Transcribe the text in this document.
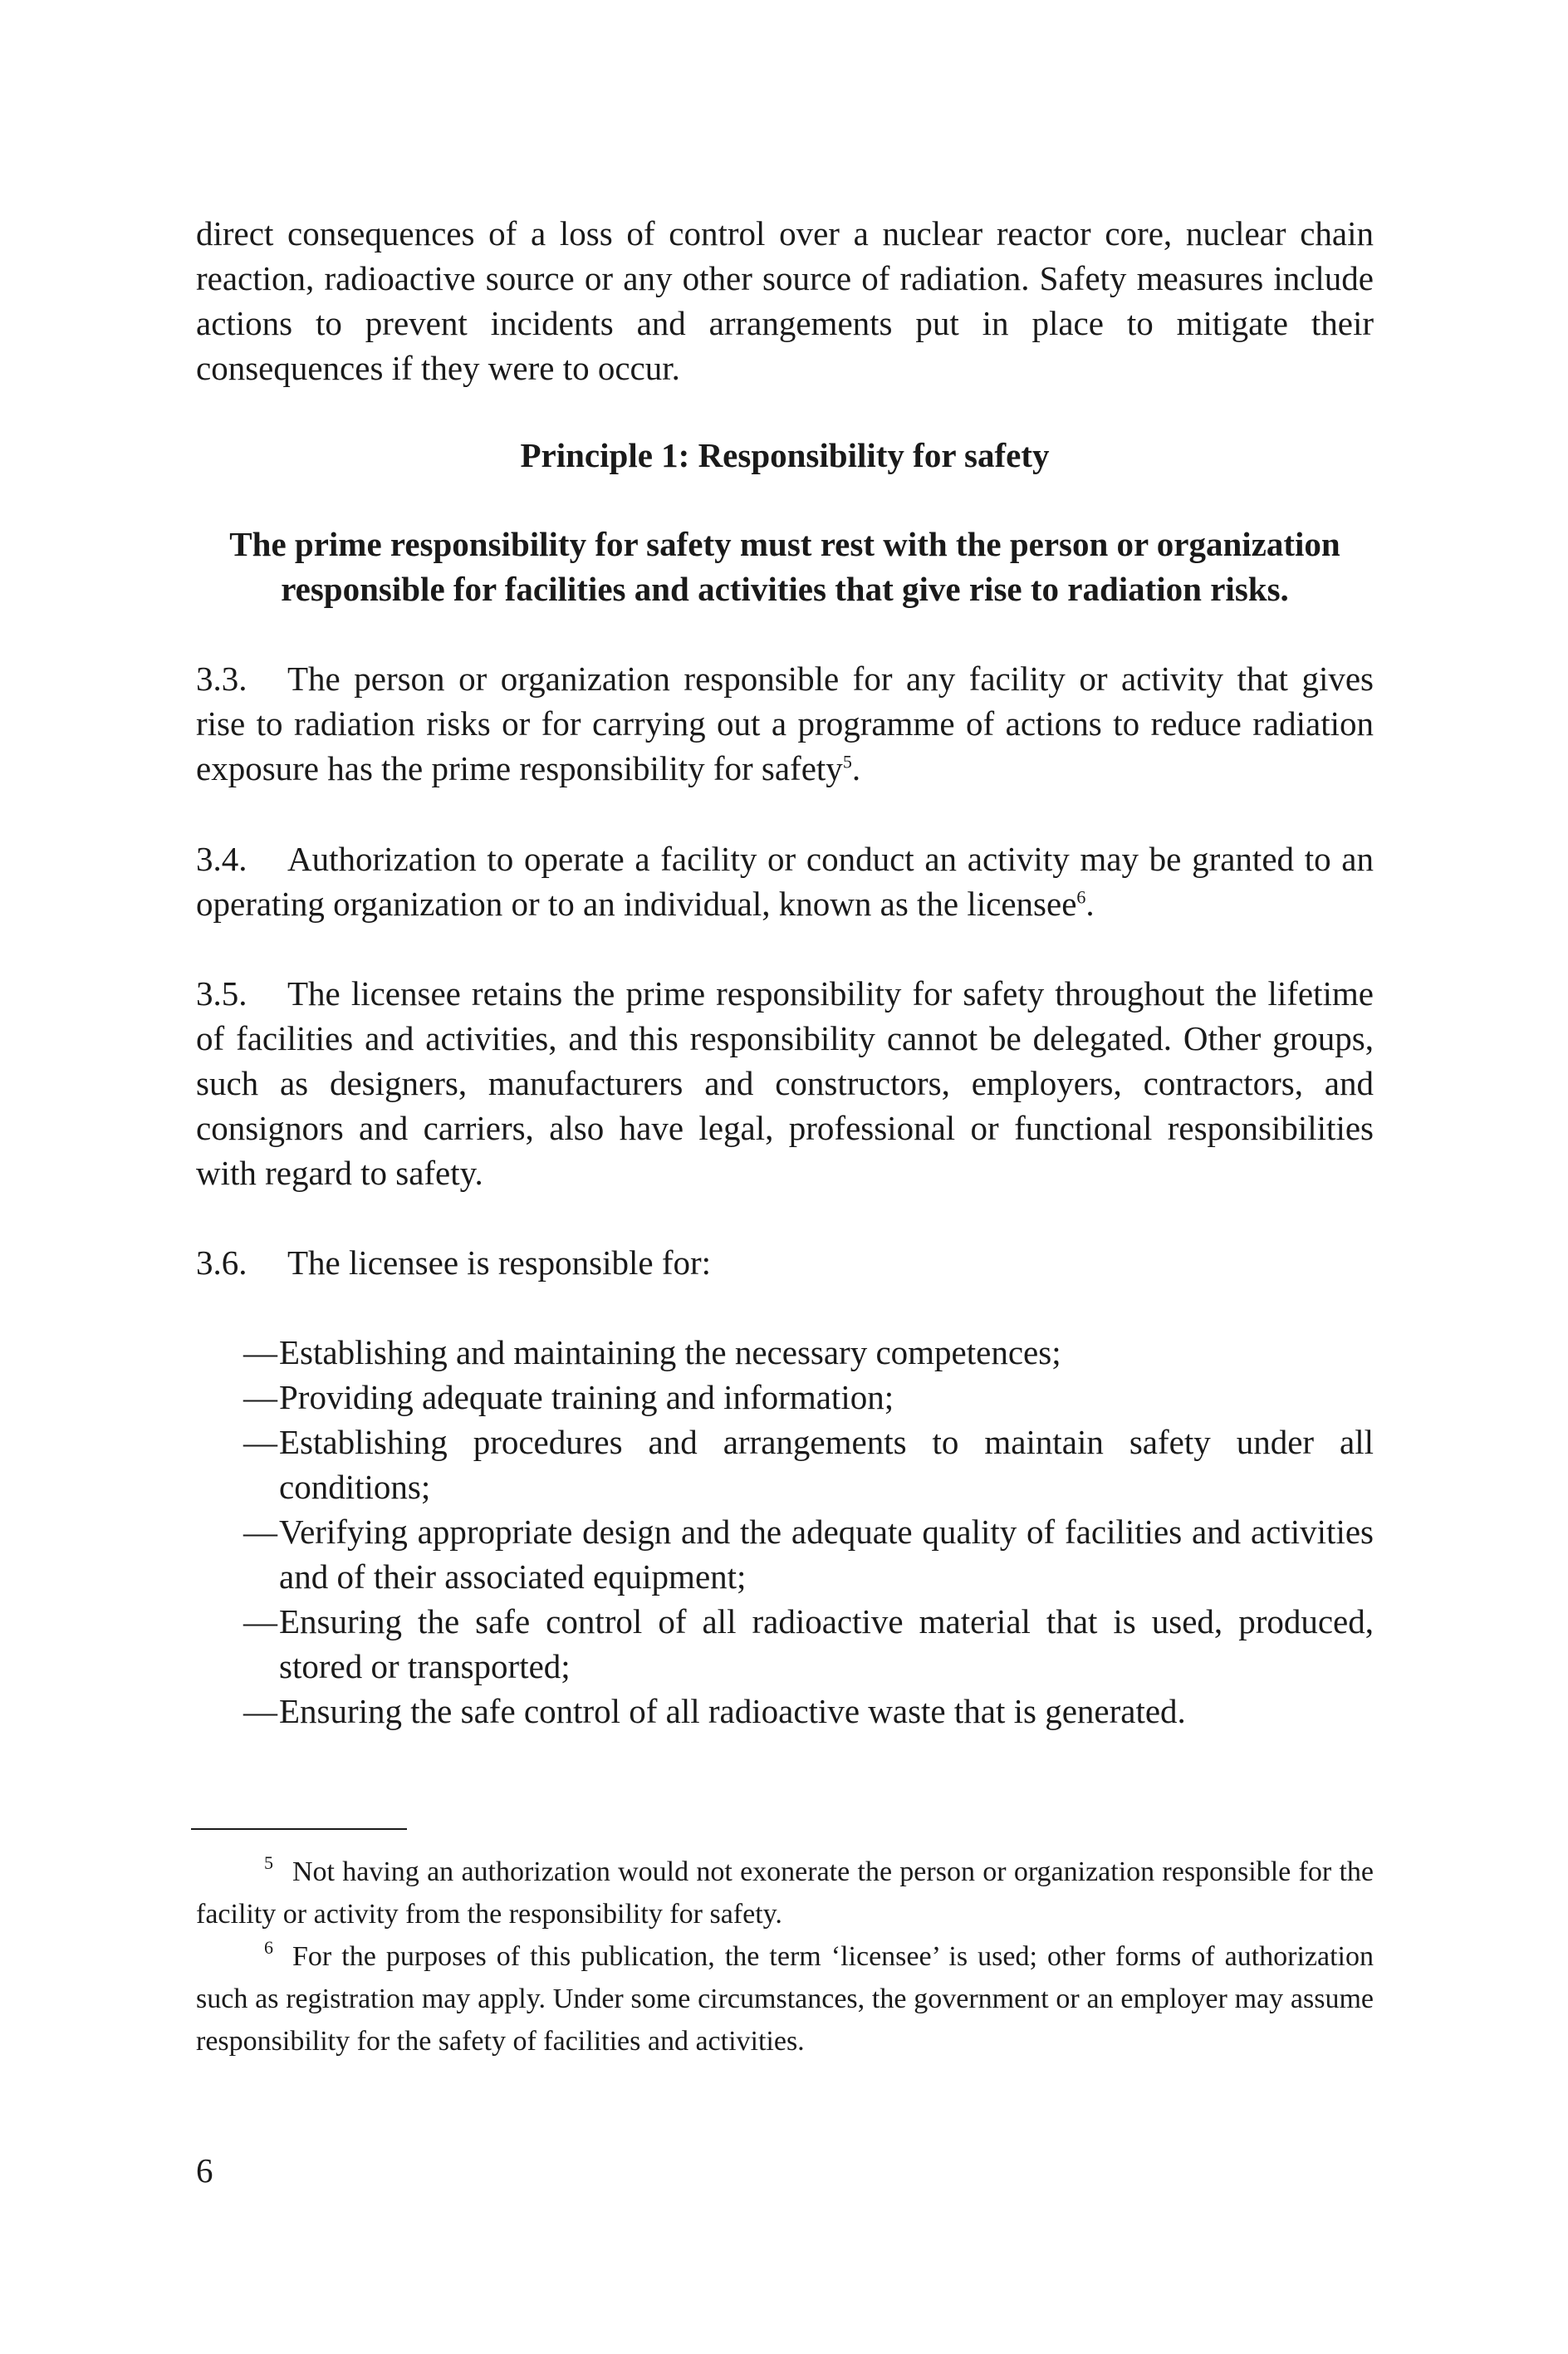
direct consequences of a loss of control over a nuclear reactor core, nuclear chain reaction, radioactive source or any other source of radiation. Safety measures include actions to prevent incidents and arrangements put in place to mitigate their consequences if they were to occur.

Principle 1: Responsibility for safety

The prime responsibility for safety must rest with the person or organization responsible for facilities and activities that give rise to radiation risks.

3.3. The person or organization responsible for any facility or activity that gives rise to radiation risks or for carrying out a programme of actions to reduce radiation exposure has the prime responsibility for safety$^5$.

3.4. Authorization to operate a facility or conduct an activity may be granted to an operating organization or to an individual, known as the licensee$^6$.

3.5. The licensee retains the prime responsibility for safety throughout the lifetime of facilities and activities, and this responsibility cannot be delegated. Other groups, such as designers, manufacturers and constructors, employers, contractors, and consignors and carriers, also have legal, professional or functional responsibilities with regard to safety.

3.6. The licensee is responsible for:

— Establishing and maintaining the necessary competences;
— Providing adequate training and information;
— Establishing procedures and arrangements to maintain safety under all conditions;
— Verifying appropriate design and the adequate quality of facilities and activities and of their associated equipment;
— Ensuring the safe control of all radioactive material that is used, produced, stored or transported;
— Ensuring the safe control of all radioactive waste that is generated.

5 Not having an authorization would not exonerate the person or organization responsible for the facility or activity from the responsibility for safety.

6 For the purposes of this publication, the term ‘licensee’ is used; other forms of authorization such as registration may apply. Under some circumstances, the government or an employer may assume responsibility for the safety of facilities and activities.

6
